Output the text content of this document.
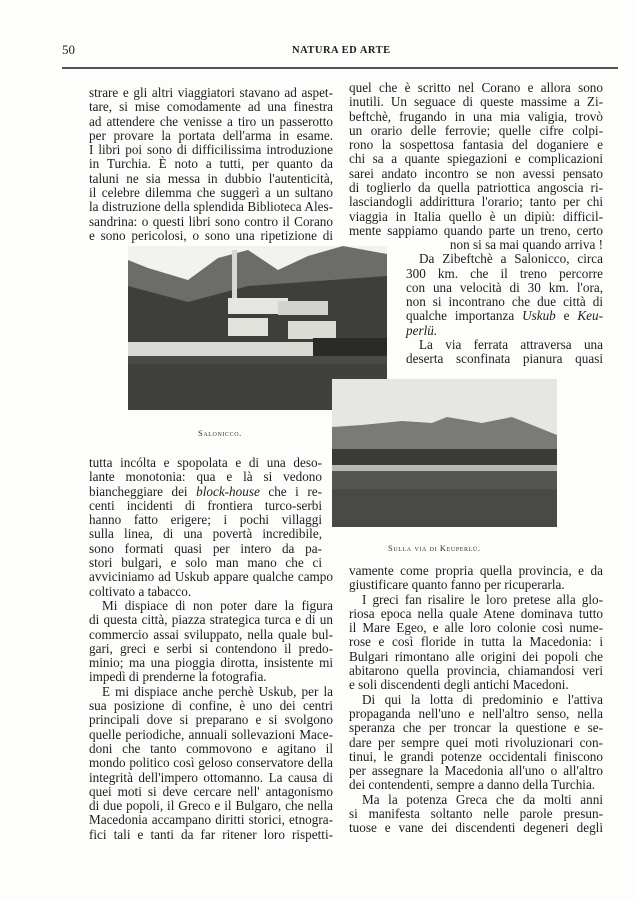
50	NATURA ED ARTE
strare e gli altri viaggiatori stavano ad aspet-
tare, si mise comodamente ad una finestra
ad attendere che venisse a tiro un passerotto
per provare la portata dell'arma in esame.
I libri poi sono di difficilissima introduzione
in Turchia. È noto a tutti, per quanto da
taluni ne sia messa in dubbio l'autenticità,
il celebre dilemma che suggerì a un sultano
la distruzione della splendida Biblioteca Ales-
sandrina: o questi libri sono contro il Corano
e sono pericolosi, o sono una ripetizione di
tutta incólta e spopolata e di una deso-
lante monotonia: qua e là si vedono
biancheggiare dei block-house che i re-
centi incidenti di frontiera turco-serbi
hanno fatto erigere; i pochi villaggi
sulla linea, di una povertà incredibile,
sono formati quasi per intero da pa-
stori bulgari, e solo man mano che ci
avviciniamo ad Uskub appare qualche campo
coltivato a tabacco.
Mi dispiace di non poter dare la figura
di questa città, piazza strategica turca e di un
commercio assai sviluppato, nella quale bul-
gari, greci e serbi si contendono il predo-
minio; ma una pioggia dirotta, insistente mi
impedì di prenderne la fotografia.
E mi dispiace anche perchè Uskub, per la
sua posizione di confine, è uno dei centri
principali dove si preparano e si svolgono
quelle periodiche, annuali sollevazioni Mace-
doni che tanto commovono e agitano il
mondo politico così geloso conservatore della
integrità dell'impero ottomanno. La causa di
quei moti si deve cercare nell' antagonismo
di due popoli, il Greco e il Bulgaro, che nella
Macedonia accampano diritti storici, etnogra-
fici tali e tanti da far ritener loro rispetti-
quel che è scritto nel Corano e allora sono
inutili. Un seguace di queste massime a Zi-
beftchè, frugando in una mia valigia, trovò
un orario delle ferrovie; quelle cifre colpi-
rono la sospettosa fantasia del doganiere e
chi sa a quante spiegazioni e complicazioni
sarei andato incontro se non avessi pensato
di toglierlo da quella patriottica angoscia ri-
lasciandogli addirittura l'orario; tanto per chi
viaggia in Italia quello è un dipiù: difficil-
mente sappiamo quando parte un treno, certo
non si sa mai quando arriva !
Da Zibeftchè a Salonicco, circa
300 km. che il treno percorre
con una velocità di 30 km. l'ora,
non si incontrano che due città di
qualche importanza Uskub e Keu-
perlü.
La via ferrata attraversa una
deserta sconfinata pianura quasi
vamente come propria quella provincia, e da
giustificare quanto fanno per ricuperarla.
I greci fan risalire le loro pretese alla glo-
riosa epoca nella quale Atene dominava tutto
il Mare Egeo, e alle loro colonie così nume-
rose e così floride in tutta la Macedonia: i
Bulgari rimontano alle origini dei popoli che
abitarono quella provincia, chiamandosi veri
e soli discendenti degli antichi Macedoni.
Di qui la lotta di predominio e l'attiva
propaganda nell'uno e nell'altro senso, nella
speranza che per troncar la questione e se-
dare per sempre quei moti rivoluzionari con-
tinui, le grandi potenze occidentali finiscono
per assegnare la Macedonia all'uno o all'altro
dei contendenti, sempre a danno della Turchia.
Ma la potenza Greca che da molti anni
si manifesta soltanto nelle parole presun-
tuose e vane dei discendenti degeneri degli
Salonicco.
Sulla via di Keuperlü.
